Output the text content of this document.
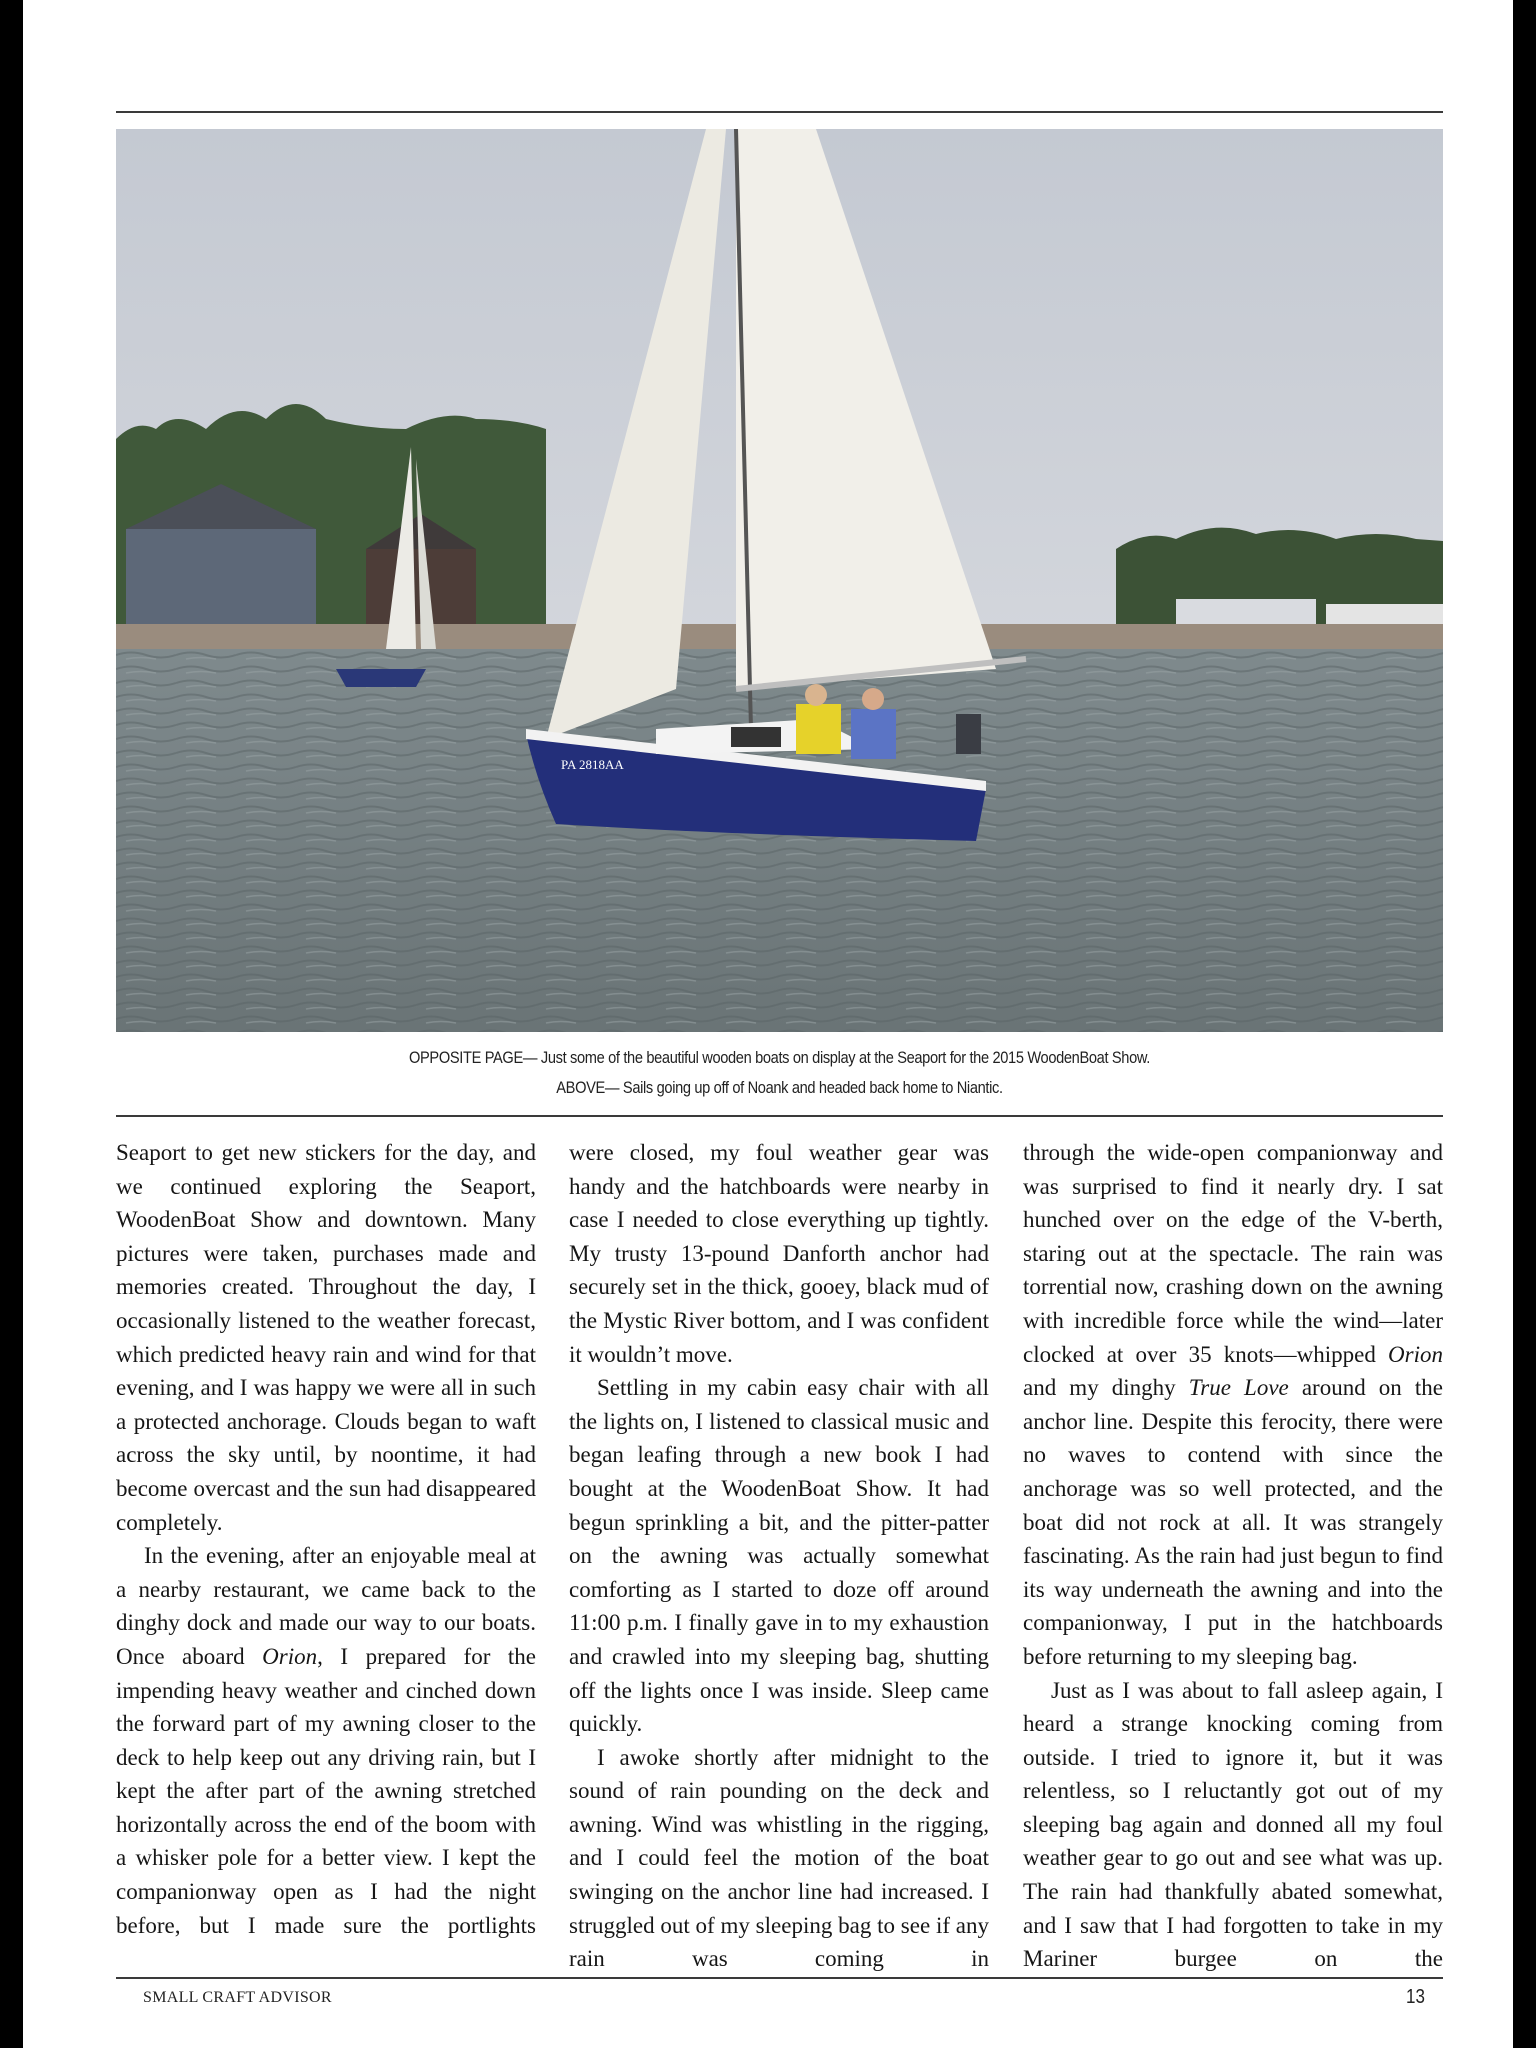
PA 2818AA
OPPOSITE PAGE— Just some of the beautiful wooden boats on display at the Seaport for the 2015 WoodenBoat Show.
ABOVE— Sails going up off of Noank and headed back home to Niantic.

Seaport to get new stickers for the day, and we continued exploring the Seaport, WoodenBoat Show and downtown. Many pictures were taken, purchases made and memories created. Throughout the day, I occasionally listened to the weather forecast, which predicted heavy rain and wind for that evening, and I was happy we were all in such a protected anchorage. Clouds began to waft across the sky until, by noontime, it had become overcast and the sun had disappeared completely.

In the evening, after an enjoyable meal at a nearby restaurant, we came back to the dinghy dock and made our way to our boats. Once aboard Orion, I prepared for the impending heavy weather and cinched down the forward part of my awning closer to the deck to help keep out any driving rain, but I kept the after part of the awning stretched horizontally across the end of the boom with a whisker pole for a better view. I kept the companionway open as I had the night before, but I made sure the portlights

were closed, my foul weather gear was handy and the hatchboards were nearby in case I needed to close everything up tightly. My trusty 13-pound Danforth anchor had securely set in the thick, gooey, black mud of the Mystic River bottom, and I was confident it wouldn’t move.

Settling in my cabin easy chair with all the lights on, I listened to classical music and began leafing through a new book I had bought at the WoodenBoat Show. It had begun sprinkling a bit, and the pitter-patter on the awning was actually somewhat comforting as I started to doze off around 11:00 p.m. I finally gave in to my exhaustion and crawled into my sleeping bag, shutting off the lights once I was inside. Sleep came quickly.

I awoke shortly after midnight to the sound of rain pounding on the deck and awning. Wind was whistling in the rigging, and I could feel the motion of the boat swinging on the anchor line had increased. I struggled out of my sleeping bag to see if any rain was coming in

through the wide-open companionway and was surprised to find it nearly dry. I sat hunched over on the edge of the V-berth, staring out at the spectacle. The rain was torrential now, crashing down on the awning with incredible force while the wind—later clocked at over 35 knots—whipped Orion and my dinghy True Love around on the anchor line. Despite this ferocity, there were no waves to contend with since the anchorage was so well protected, and the boat did not rock at all. It was strangely fascinating. As the rain had just begun to find its way underneath the awning and into the companionway, I put in the hatchboards before returning to my sleeping bag.

Just as I was about to fall asleep again, I heard a strange knocking coming from outside. I tried to ignore it, but it was relentless, so I reluctantly got out of my sleeping bag again and donned all my foul weather gear to go out and see what was up. The rain had thankfully abated somewhat, and I saw that I had forgotten to take in my Mariner burgee on the

SMALL CRAFT ADVISOR	13
